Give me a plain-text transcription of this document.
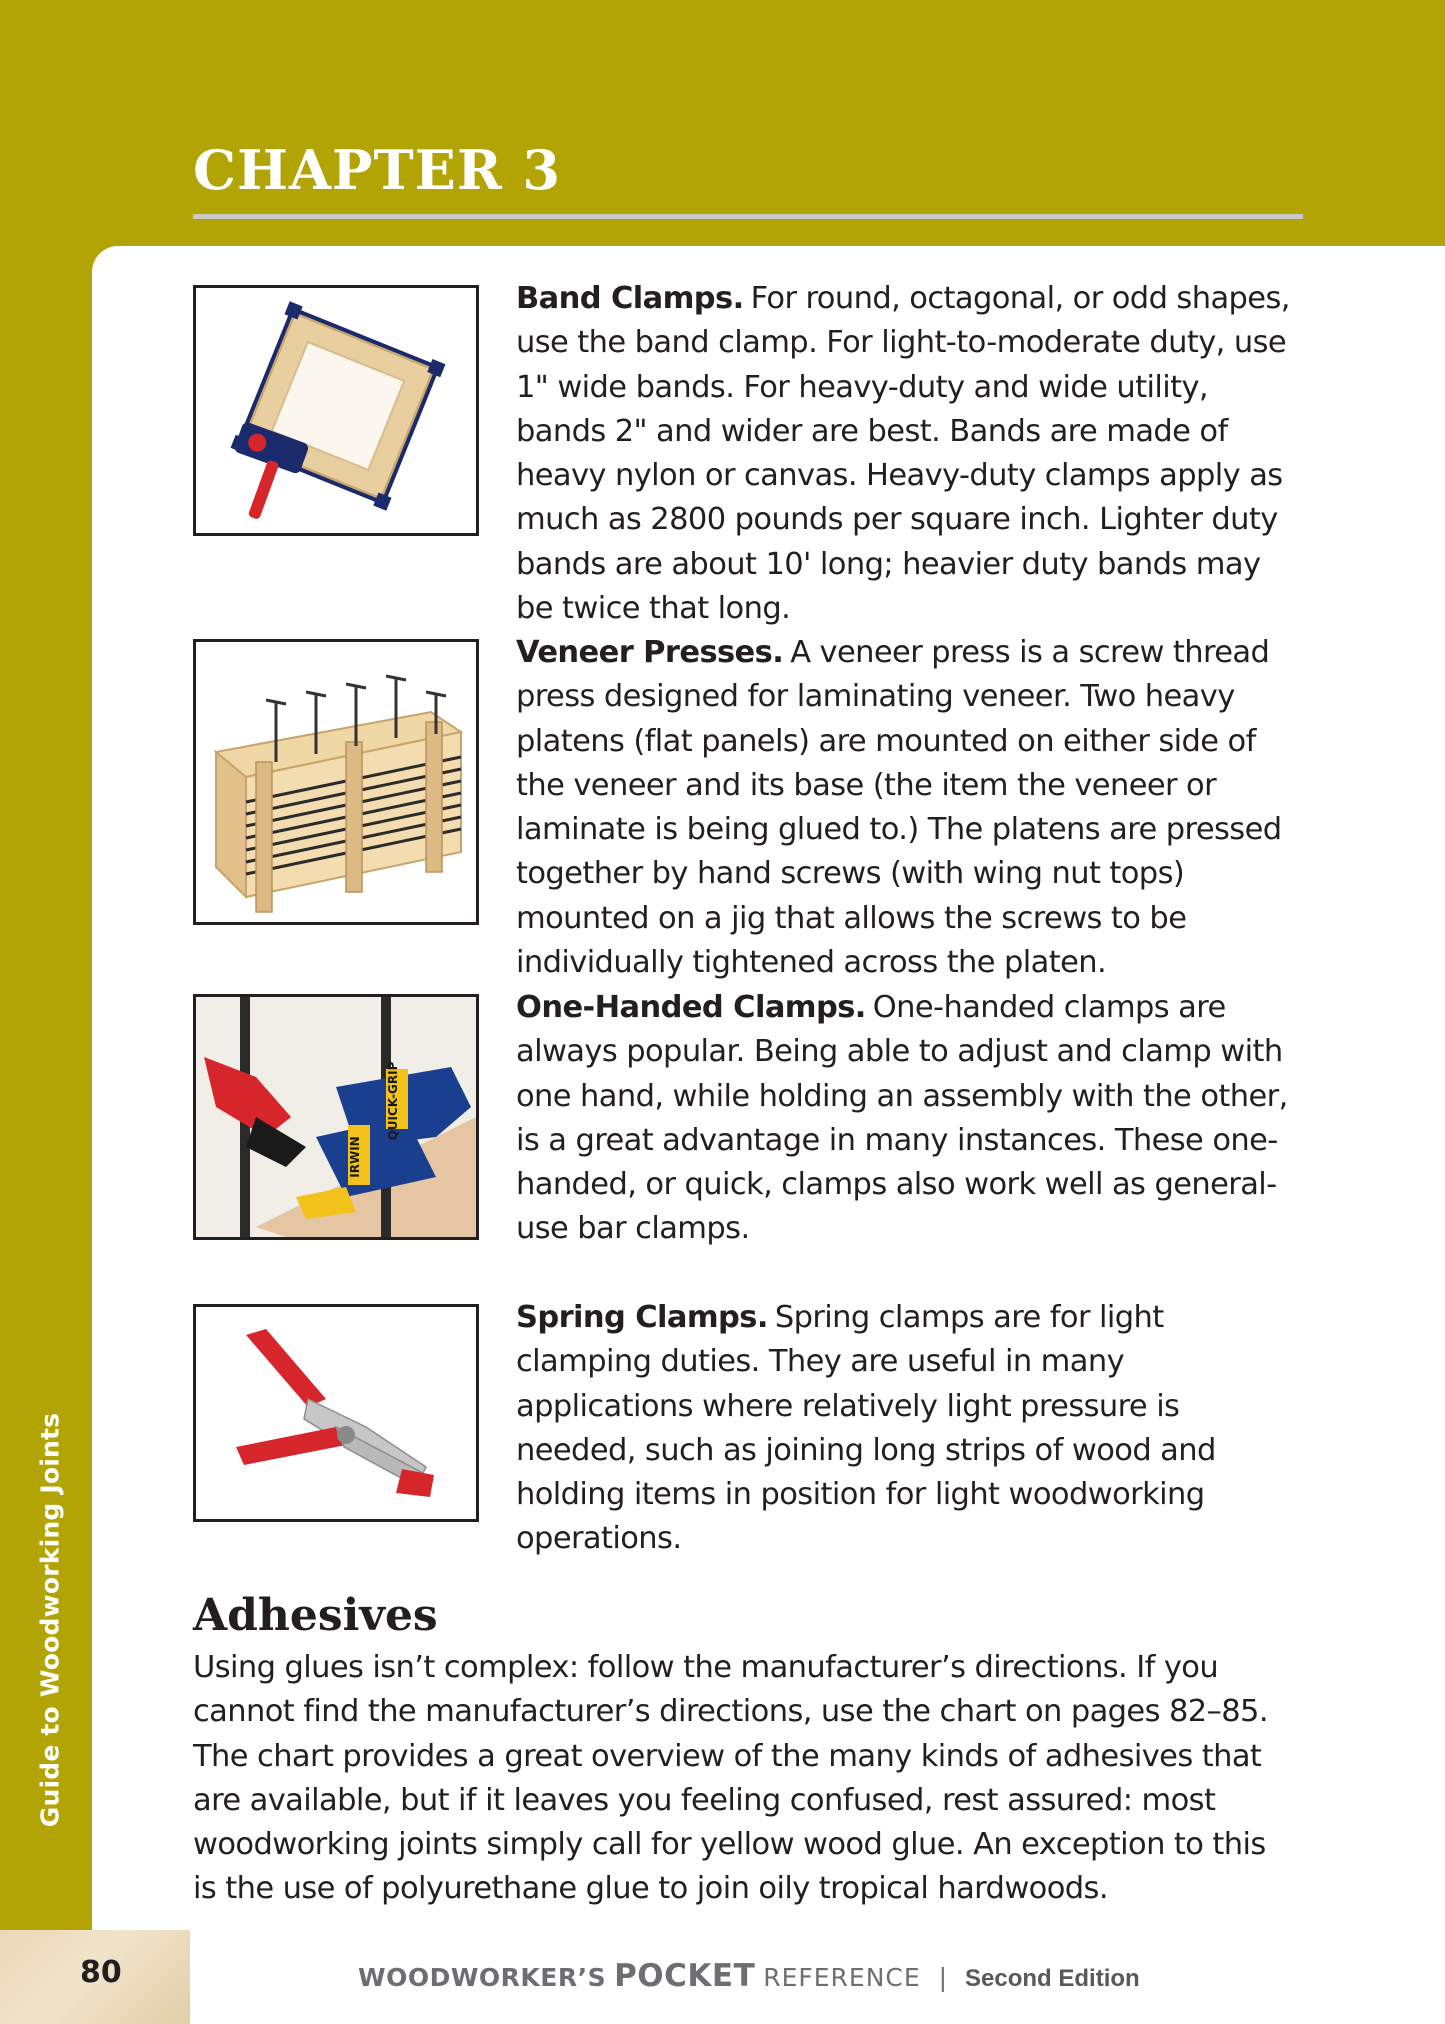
CHAPTER 3
Guide to Woodworking Joints

Band Clamps. For round, octagonal, or odd shapes, use the band clamp. For light-to-moderate duty, use 1" wide bands. For heavy-duty and wide utility, bands 2" and wider are best. Bands are made of heavy nylon or canvas. Heavy-duty clamps apply as much as 2800 pounds per square inch. Lighter duty bands are about 10' long; heavier duty bands may be twice that long.

Veneer Presses. A veneer press is a screw thread press designed for laminating veneer. Two heavy platens (flat panels) are mounted on either side of the veneer and its base (the item the veneer or laminate is being glued to.) The platens are pressed together by hand screws (with wing nut tops) mounted on a jig that allows the screws to be individually tightened across the platen.

QUICK-GRIP
IRWIN

One-Handed Clamps. One-handed clamps are always popular. Being able to adjust and clamp with one hand, while holding an assembly with the other, is a great advantage in many instances. These one-handed, or quick, clamps also work well as general-use bar clamps.

Spring Clamps. Spring clamps are for light clamping duties. They are useful in many applications where relatively light pressure is needed, such as joining long strips of wood and holding items in position for light woodworking operations.

Adhesives

Using glues isn’t complex: follow the manufacturer’s directions. If you cannot find the manufacturer’s directions, use the chart on pages 82–85. The chart provides a great overview of the many kinds of adhesives that are available, but if it leaves you feeling confused, rest assured: most woodworking joints simply call for yellow wood glue. An exception to this is the use of polyurethane glue to join oily tropical hardwoods.

80	WOODWORKER’S POCKET REFERENCE | Second Edition
